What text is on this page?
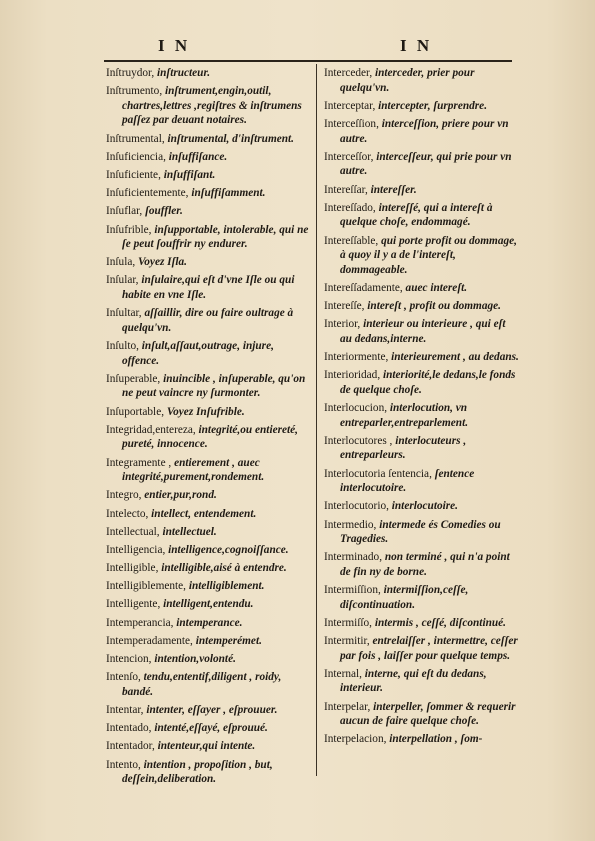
I N	I N

Inſtruydor, inſtructeur.

Inſtrumento, inſtrument,engin,outil, chartres,lettres ,regiſtres & inſtrumens paſſez par deuant notaires.

Inſtrumental, inſtrumental, d'inſtrument.

Inſuficiencia, inſuffiſance.

Inſuficiente, inſuffiſant.

Inſuficientemente, inſuffiſamment.

Inſuflar, ſouffler.

Inſufrible, inſupportable, intolerable, qui ne ſe peut ſouffrir ny endurer.

Inſula, Voyez Iſla.

Inſular, inſulaire,qui eſt d'vne Iſle ou qui habite en vne Iſle.

Inſultar, aſſaillir, dire ou faire oultrage à quelqu'vn.

Inſulto, inſult,aſſaut,outrage, injure, offence.

Inſuperable, inuincible , inſuperable, qu'on ne peut vaincre ny ſurmonter.

Inſuportable, Voyez Inſufrible.

Integridad,entereza, integrité,ou entiereté, pureté, innocence.

Integramente , entierement , auec integrité,purement,rondement.

Integro, entier,pur,rond.

Intelecto, intellect, entendement.

Intellectual, intellectuel.

Intelligencia, intelligence,cognoiſſance.

Intelligible, intelligible,aisé à entendre.

Intelligiblemente, intelligiblement.

Intelligente, intelligent,entendu.

Intemperancia, intemperance.

Intemperadamente, intemperémet.

Intencion, intention,volonté.

Intenſo, tendu,ententif,diligent , roidy, bandé.

Intentar, intenter, eſſayer , eſprouuer.

Intentado, intenté,eſſayé, eſprouué.

Intentador, intenteur,qui intente.

Intento, intention , propoſition , but, deſſein,deliberation.

Interceder, interceder, prier pour quelqu'vn.

Interceptar, intercepter, ſurprendre.

Interceſſion, interceſſion, priere pour vn autre.

Interceſſor, interceſſeur, qui prie pour vn autre.

Intereſſar, intereſſer.

Intereſſado, intereſſé, qui a intereſt à quelque choſe, endommagé.

Intereſſable, qui porte profit ou dommage, à quoy il y a de l'intereſt, dommageable.

Intereſſadamente, auec intereſt.

Intereſſe, intereſt , profit ou dommage.

Interior, interieur ou interieure , qui eſt au dedans,interne.

Interiormente, interieurement , au dedans.

Interioridad, interiorité,le dedans,le fonds de quelque choſe.

Interlocucion, interlocution, vn entreparler,entreparlement.

Interlocutores , interlocuteurs , entreparleurs.

Interlocutoria ſentencia, ſentence interlocutoire.

Interlocutorio, interlocutoire.

Intermedio, intermede és Comedies ou Tragedies.

Interminado, non terminé , qui n'a point de fin ny de borne.

Intermiſſion, intermiſſion,ceſſe, diſcontinuation.

Intermiſſo, intermis , ceſſé, diſcontinué.

Intermitir, entrelaiſſer , intermettre, ceſſer par fois , laiſſer pour quelque temps.

Internal, interne, qui eſt du dedans, interieur.

Interpelar, interpeller, ſommer & requerir aucun de faire quelque choſe.

Interpelacion, interpellation , ſom-
